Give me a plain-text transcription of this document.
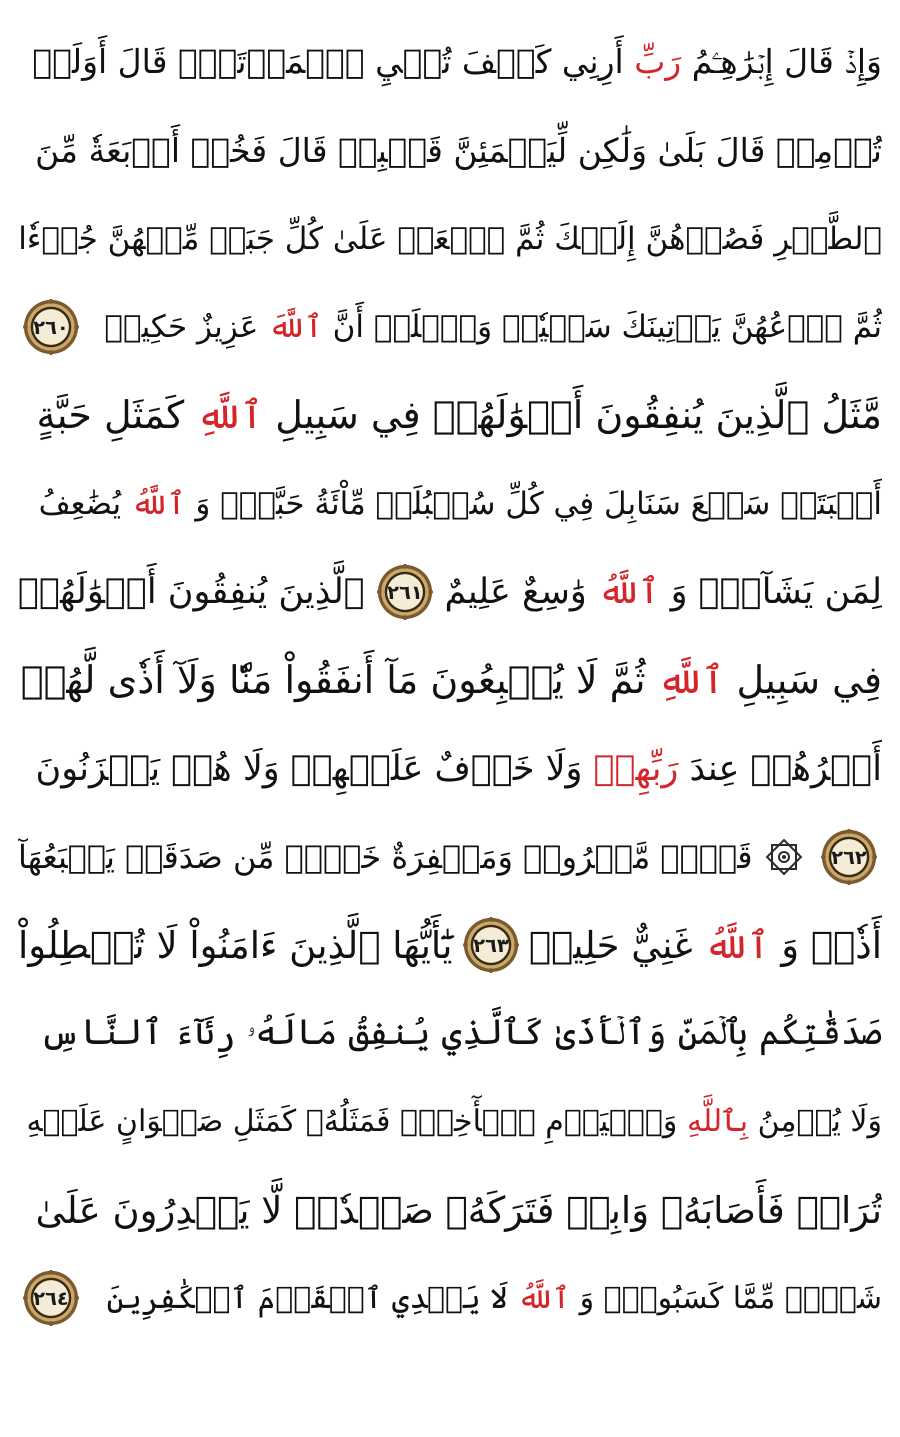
وَإِذۡ قَالَ إِبۡرَٰهِـۧمُ رَبِّ أَرِنِي كَيۡفَ تُحۡيِ ٱلۡمَوۡتَىٰۖ قَالَ أَوَلَمۡ
تُؤۡمِنۖ قَالَ بَلَىٰ وَلَٰكِن لِّيَطۡمَئِنَّ قَلۡبِيۖ قَالَ فَخُذۡ أَرۡبَعَةٗ مِّنَ
ٱلطَّيۡرِ فَصُرۡهُنَّ إِلَيۡكَ ثُمَّ ٱجۡعَلۡ عَلَىٰ كُلِّ جَبَلٖ مِّنۡهُنَّ جُزۡءٗا
ثُمَّ ٱدۡعُهُنَّ يَأۡتِينَكَ سَعۡيٗاۚ وَٱعۡلَمۡ أَنَّ ٱللَّهَ عَزِيزٌ حَكِيمٞ
٢٦٠
مَّثَلُ ٱلَّذِينَ يُنفِقُونَ أَمۡوَٰلَهُمۡ فِي سَبِيلِ ٱللَّهِ كَمَثَلِ حَبَّةٍ
أَنۢبَتَتۡ سَبۡعَ سَنَابِلَ فِي كُلِّ سُنۢبُلَةٖ مِّاْئَةُ حَبَّةٖۗ وَ ٱللَّهُ يُضَٰعِفُ
لِمَن يَشَآءُۚ وَ ٱللَّهُ وَٰسِعٌ عَلِيمٌ
٢٦١
ٱلَّذِينَ يُنفِقُونَ أَمۡوَٰلَهُمۡ
فِي سَبِيلِ ٱللَّهِ ثُمَّ لَا يُتۡبِعُونَ مَآ أَنفَقُواْ مَنّٗا وَلَآ أَذٗى لَّهُمۡ
أَجۡرُهُمۡ عِندَ رَبِّهِمۡ وَلَا خَوۡفٌ عَلَيۡهِمۡ وَلَا هُمۡ يَحۡزَنُونَ
٢٦٢
قَوۡلٞ مَّعۡرُوفٞ وَمَغۡفِرَةٌ خَيۡرٞ مِّن صَدَقَةٖ يَتۡبَعُهَآ
أَذٗىۗ وَ ٱللَّهُ غَنِيٌّ حَلِيمٞ
٢٦٣
يَٰٓأَيُّهَا ٱلَّذِينَ ءَامَنُواْ لَا تُبۡطِلُواْ
صَدَقَٰتِكُم بِٱلۡمَنِّ وَٱلۡأَذَىٰ كَٱلَّذِي يُنفِقُ مَالَهُۥ رِئَآءَ ٱلنَّاسِ
وَلَا يُؤۡمِنُ بِٱللَّهِ وَٱلۡيَوۡمِ ٱلۡأٓخِرِۖ فَمَثَلُهُۥ كَمَثَلِ صَفۡوَانٍ عَلَيۡهِ
تُرَابٞ فَأَصَابَهُۥ وَابِلٞ فَتَرَكَهُۥ صَلۡدٗاۖ لَّا يَقۡدِرُونَ عَلَىٰ
شَيۡءٖ مِّمَّا كَسَبُواْۗ وَ ٱللَّهُ لَا يَهۡدِي ٱلۡقَوۡمَ ٱلۡكَٰفِرِينَ
٢٦٤
